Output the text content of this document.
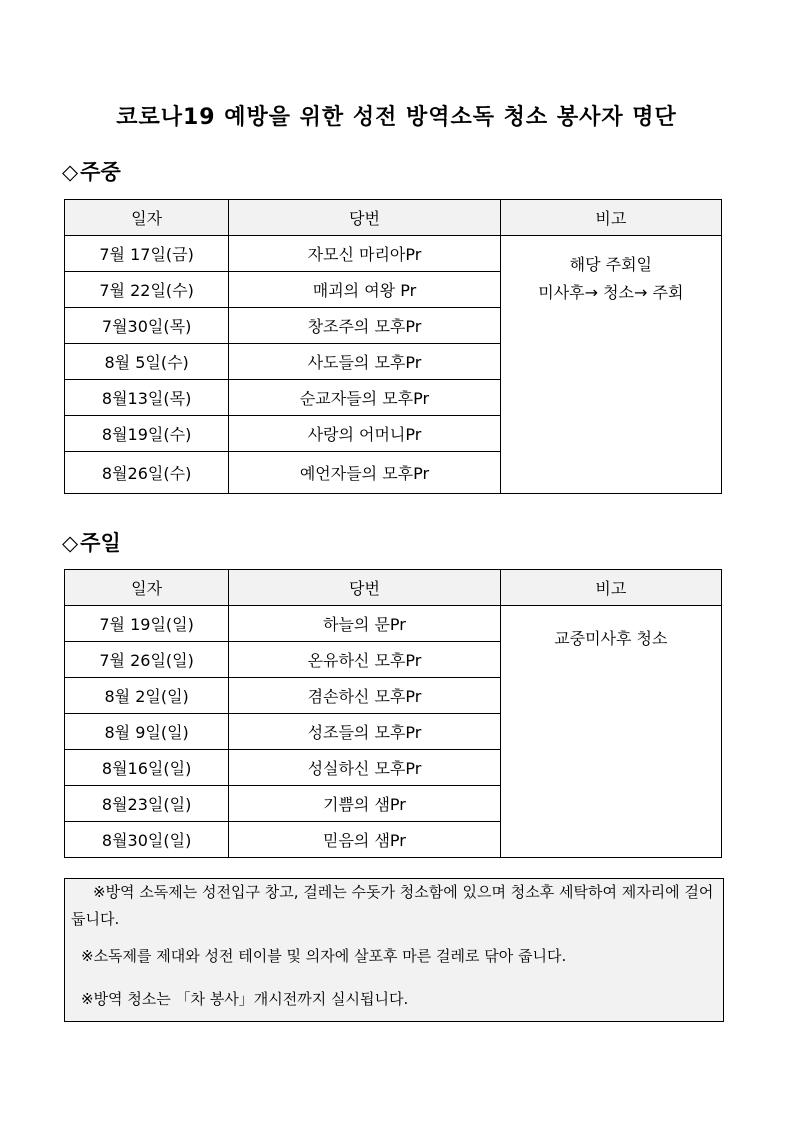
코로나19 예방을 위한 성전 방역소독 청소 봉사자 명단
◇주중
일자	당번	비고
7월 17일(금)	자모신 마리아Pr	해당 주회일
미사후→ 청소→ 주회

7월 22일(수)	매괴의 여왕 Pr	
7월30일(목)	창조주의 모후Pr	
8월 5일(수)	사도들의 모후Pr	
8월13일(목)	순교자들의 모후Pr	
8월19일(수)	사랑의 어머니Pr	
8월26일(수)	예언자들의 모후Pr	
◇주일
일자	당번	비고
7월 19일(일)	하늘의 문Pr	교중미사후 청소

7월 26일(일)	온유하신 모후Pr	
8월 2일(일)	겸손하신 모후Pr	
8월 9일(일)	성조들의 모후Pr	
8월16일(일)	성실하신 모후Pr	
8월23일(일)	기쁨의 샘Pr	
8월30일(일)	믿음의 샘Pr	

※방역 소독제는 성전입구 창고, 걸레는 수돗가 청소함에 있으며 청소후 세탁하여 제자리에 걸어 둡니다.

※소독제를 제대와 성전 테이블 및 의자에 살포후 마른 걸레로 닦아 줍니다.

※방역 청소는 「차 봉사」개시전까지 실시됩니다.
